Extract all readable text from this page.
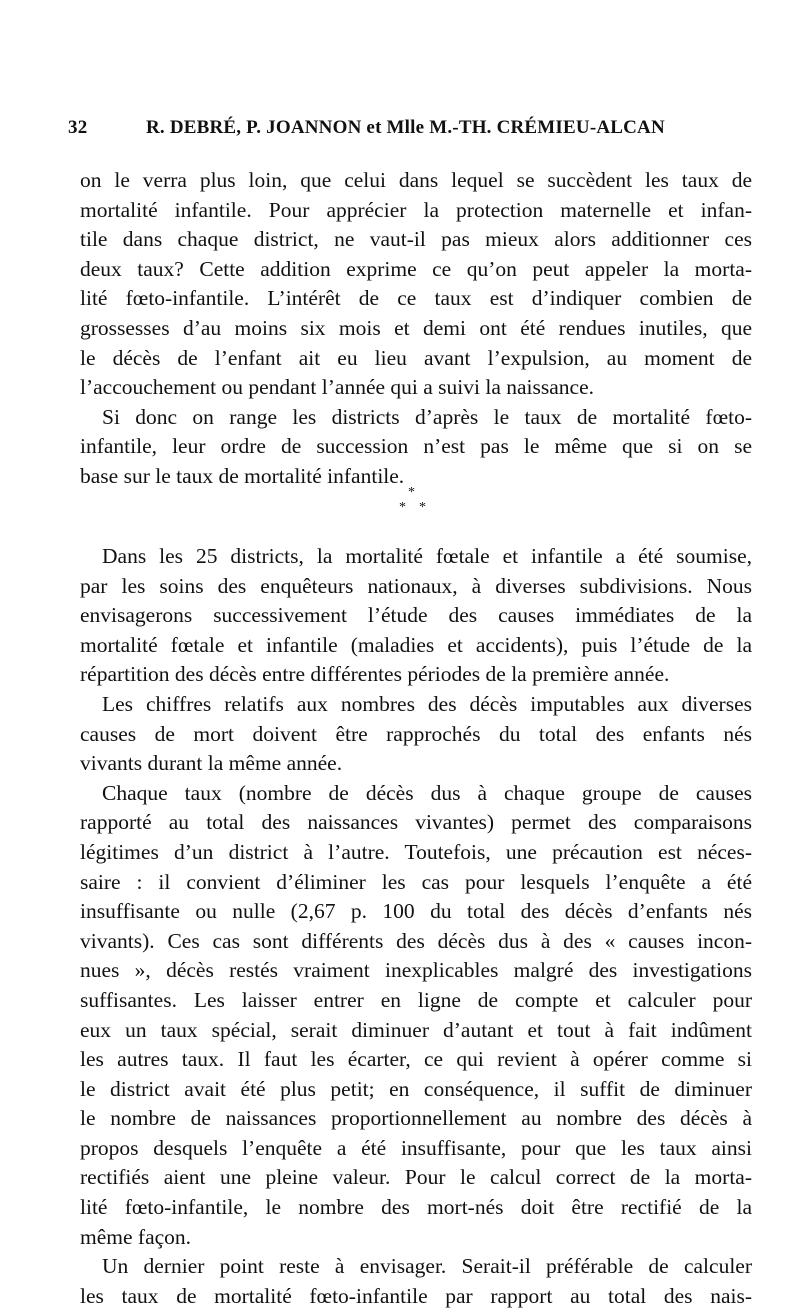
32	R. DEBRÉ, P. JOANNON et Mlle M.-TH. CRÉMIEU-ALCAN
on le verra plus loin, que celui dans lequel se succèdent les taux de
mortalité infantile. Pour apprécier la protection maternelle et infan-
tile dans chaque district, ne vaut-il pas mieux alors additionner ces
deux taux? Cette addition exprime ce qu’on peut appeler la morta-
lité fœto-infantile. L’intérêt de ce taux est d’indiquer combien de
grossesses d’au moins six mois et demi ont été rendues inutiles, que
le décès de l’enfant ait eu lieu avant l’expulsion, au moment de
l’accouchement ou pendant l’année qui a suivi la naissance.
Si donc on range les districts d’après le taux de mortalité fœto-
infantile, leur ordre de succession n’est pas le même que si on se
base sur le taux de mortalité infantile.
*
* *
Dans les 25 districts, la mortalité fœtale et infantile a été soumise,
par les soins des enquêteurs nationaux, à diverses subdivisions. Nous
envisagerons successivement l’étude des causes immédiates de la
mortalité fœtale et infantile (maladies et accidents), puis l’étude de la
répartition des décès entre différentes périodes de la première année.
Les chiffres relatifs aux nombres des décès imputables aux diverses
causes de mort doivent être rapprochés du total des enfants nés
vivants durant la même année.
Chaque taux (nombre de décès dus à chaque groupe de causes
rapporté au total des naissances vivantes) permet des comparaisons
légitimes d’un district à l’autre. Toutefois, une précaution est néces-
saire : il convient d’éliminer les cas pour lesquels l’enquête a été
insuffisante ou nulle (2,67 p. 100 du total des décès d’enfants nés
vivants). Ces cas sont différents des décès dus à des « causes incon-
nues », décès restés vraiment inexplicables malgré des investigations
suffisantes. Les laisser entrer en ligne de compte et calculer pour
eux un taux spécial, serait diminuer d’autant et tout à fait indûment
les autres taux. Il faut les écarter, ce qui revient à opérer comme si
le district avait été plus petit; en conséquence, il suffit de diminuer
le nombre de naissances proportionnellement au nombre des décès à
propos desquels l’enquête a été insuffisante, pour que les taux ainsi
rectifiés aient une pleine valeur. Pour le calcul correct de la morta-
lité fœto-infantile, le nombre des mort-nés doit être rectifié de la
même façon.
Un dernier point reste à envisager. Serait-il préférable de calculer
les taux de mortalité fœto-infantile par rapport au total des nais-
